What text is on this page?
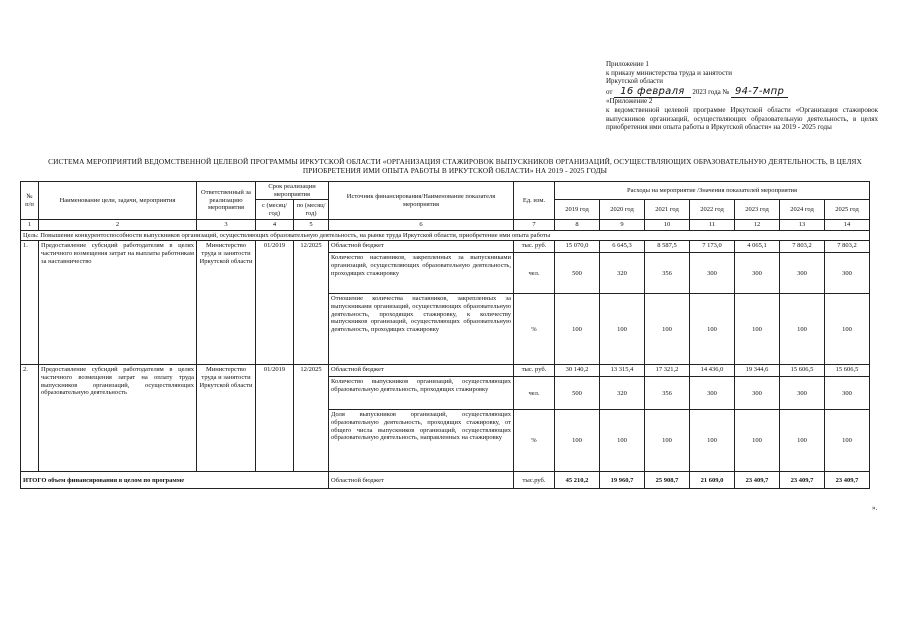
Приложение 1
к приказу министерства труда и занятости
Иркутской области
от 16 февраля 2023 года № 94-7-мпр
«Приложение 2
к ведомственной целевой программе Иркутской области «Организация стажировок выпускников организаций, осуществляющих образовательную деятельность, в целях приобретения ими опыта работы в Иркутской области» на 2019 - 2025 годы
СИСТЕМА МЕРОПРИЯТИЙ ВЕДОМСТВЕННОЙ ЦЕЛЕВОЙ ПРОГРАММЫ ИРКУТСКОЙ ОБЛАСТИ «ОРГАНИЗАЦИЯ СТАЖИРОВОК ВЫПУСКНИКОВ ОРГАНИЗАЦИЙ, ОСУЩЕСТВЛЯЮЩИХ ОБРАЗОВАТЕЛЬНУЮ ДЕЯТЕЛЬНОСТЬ, В ЦЕЛЯХ ПРИОБРЕТЕНИЯ ИМИ ОПЫТА РАБОТЫ В ИРКУТСКОЙ ОБЛАСТИ» НА 2019 - 2025 ГОДЫ
№ п/п	Наименование цели, задачи, мероприятия	Ответственный за реализацию мероприятия	Срок реализации мероприятия		Источник финансирования/Наименование показателя мероприятия	Ед. изм.	Расходы на мероприятие /Значения показателей мероприятия						
			с (месяц/ год)	по (месяц/ год)			2019 год	2020 год	2021 год	2022 год	2023 год	2024 год	2025 год
1	2	3	4	5	6	7	8	9	10	11	12	13	14
Цель: Повышение конкурентоспособности выпускников организаций, осуществляющих образовательную деятельность, на рынке труда Иркутской области, приобретение ими опыта работы													
1.	Предоставление субсидий работодателям в целях частичного возмещения затрат на выплаты работникам за наставничество	Министерство труда и занятости Иркутской области	01/2019	12/2025	Областной бюджет	тыс. руб.	15 070,0	6 645,3	8 587,5	7 173,0	4 065,1	7 803,2	7 803,2
					Количество наставников, закрепленных за выпускниками организаций, осуществляющих образовательную деятельность, проходящих стажировку	чел.	500	320	356	300	300	300	300
					Отношение количества наставников, закрепленных за выпускниками организаций, осуществляющих образовательную деятельность, проходящих стажировку, к количеству выпускников организаций, осуществляющих образовательную деятельность, проходящих стажировку	%	100	100	100	100	100	100	100
2.	Предоставление субсидий работодателям в целях частичного возмещения затрат на оплату труда выпускников организаций, осуществляющих образовательную деятельность	Министерство труда и занятости Иркутской области	01/2019	12/2025	Областной бюджет	тыс. руб.	30 140,2	13 315,4	17 321,2	14 436,0	19 344,6	15 606,5	15 606,5
					Количество выпускников организаций, осуществляющих образовательную деятельность, проходящих стажировку	чел.	500	320	356	300	300	300	300
					Доля выпускников организаций, осуществляющих образовательную деятельность, проходящих стажировку, от общего числа выпускников организаций, осуществляющих образовательную деятельность, направленных на стажировку	%	100	100	100	100	100	100	100
ИТОГО объем финансирования в целом по программе					Областной бюджет	тыс.руб.	45 210,2	19 960,7	25 908,7	21 609,0	23 409,7	23 409,7	23 409,7
».
